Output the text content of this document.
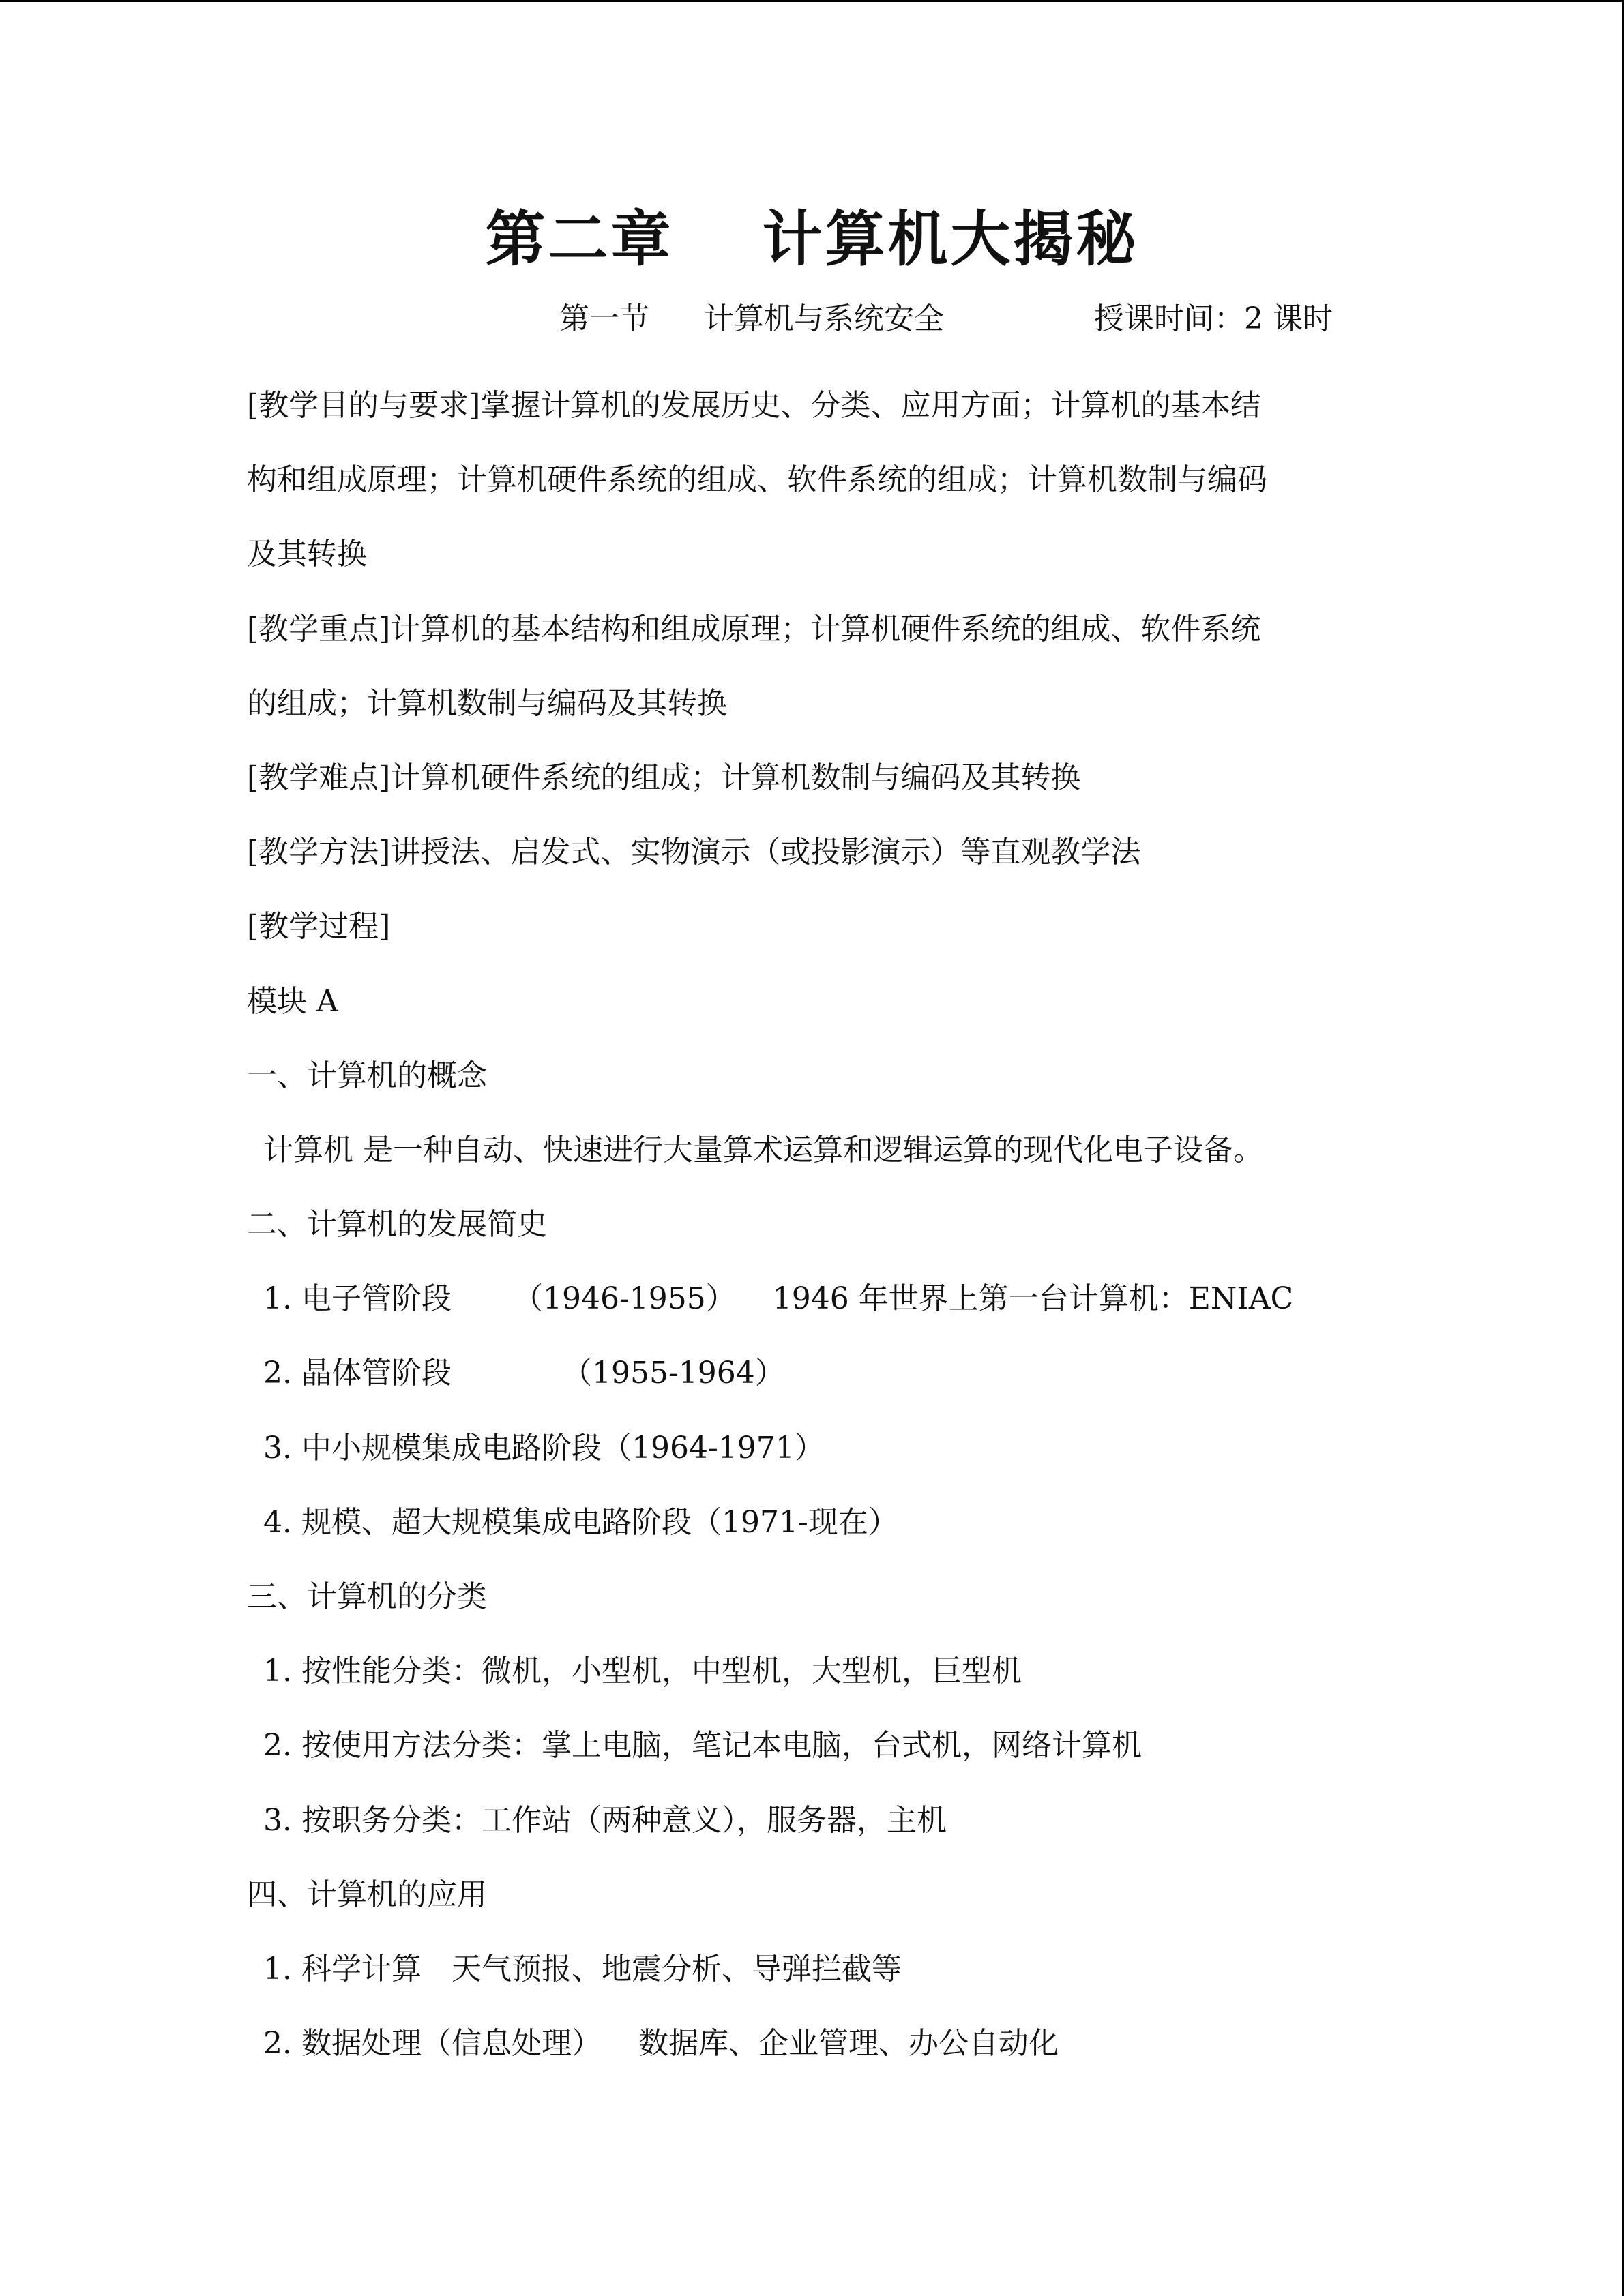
第二章 计算机大揭秘
第一节 计算机与系统安全	授课时间：2 课时
[教学目的与要求]掌握计算机的发展历史、分类、应用方面；计算机的基本结
构和组成原理；计算机硬件系统的组成、软件系统的组成；计算机数制与编码
及其转换
[教学重点]计算机的基本结构和组成原理；计算机硬件系统的组成、软件系统
的组成；计算机数制与编码及其转换
[教学难点]计算机硬件系统的组成；计算机数制与编码及其转换
[教学方法]讲授法、启发式、实物演示（或投影演示）等直观教学法
[教学过程]
模块 A
一、计算机的概念
计算机 是一种自动、快速进行大量算术运算和逻辑运算的现代化电子设备。
二、计算机的发展简史
1. 电子管阶段 （1946-1955） 1946 年世界上第一台计算机：ENIAC
2. 晶体管阶段	（1955-1964）
3. 中小规模集成电路阶段（1964-1971）
4. 规模、超大规模集成电路阶段（1971-现在）
三、计算机的分类
1. 按性能分类：微机，小型机，中型机，大型机，巨型机
2. 按使用方法分类：掌上电脑，笔记本电脑，台式机，网络计算机
3. 按职务分类：工作站（两种意义），服务器，主机
四、计算机的应用
1. 科学计算 天气预报、地震分析、导弹拦截等
2. 数据处理（信息处理） 数据库、企业管理、办公自动化
